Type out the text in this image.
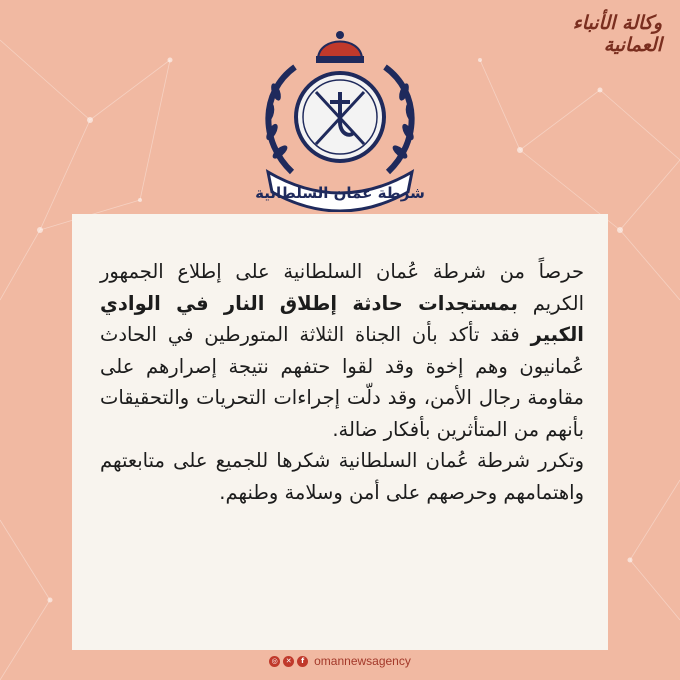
وكالة الأنباء العمانية
شرطة عمان السلطانية

حرصاً من شرطة عُمان السلطانية على إطلاع الجمهور الكريم بمستجدات حادثة إطلاق النار في الوادي الكبير فقد تأكد بأن الجناة الثلاثة المتورطين في الحادث عُمانيون وهم إخوة وقد لقوا حتفهم نتيجة إصرارهم على مقاومة رجال الأمن، وقد دلّت إجراءات التحريات والتحقيقات بأنهم من المتأثرين بأفكار ضالة.

وتكرر شرطة عُمان السلطانية شكرها للجميع على متابعتهم واهتمامهم وحرصهم على أمن وسلامة وطنهم.

◎	✕	f omannewsagency
